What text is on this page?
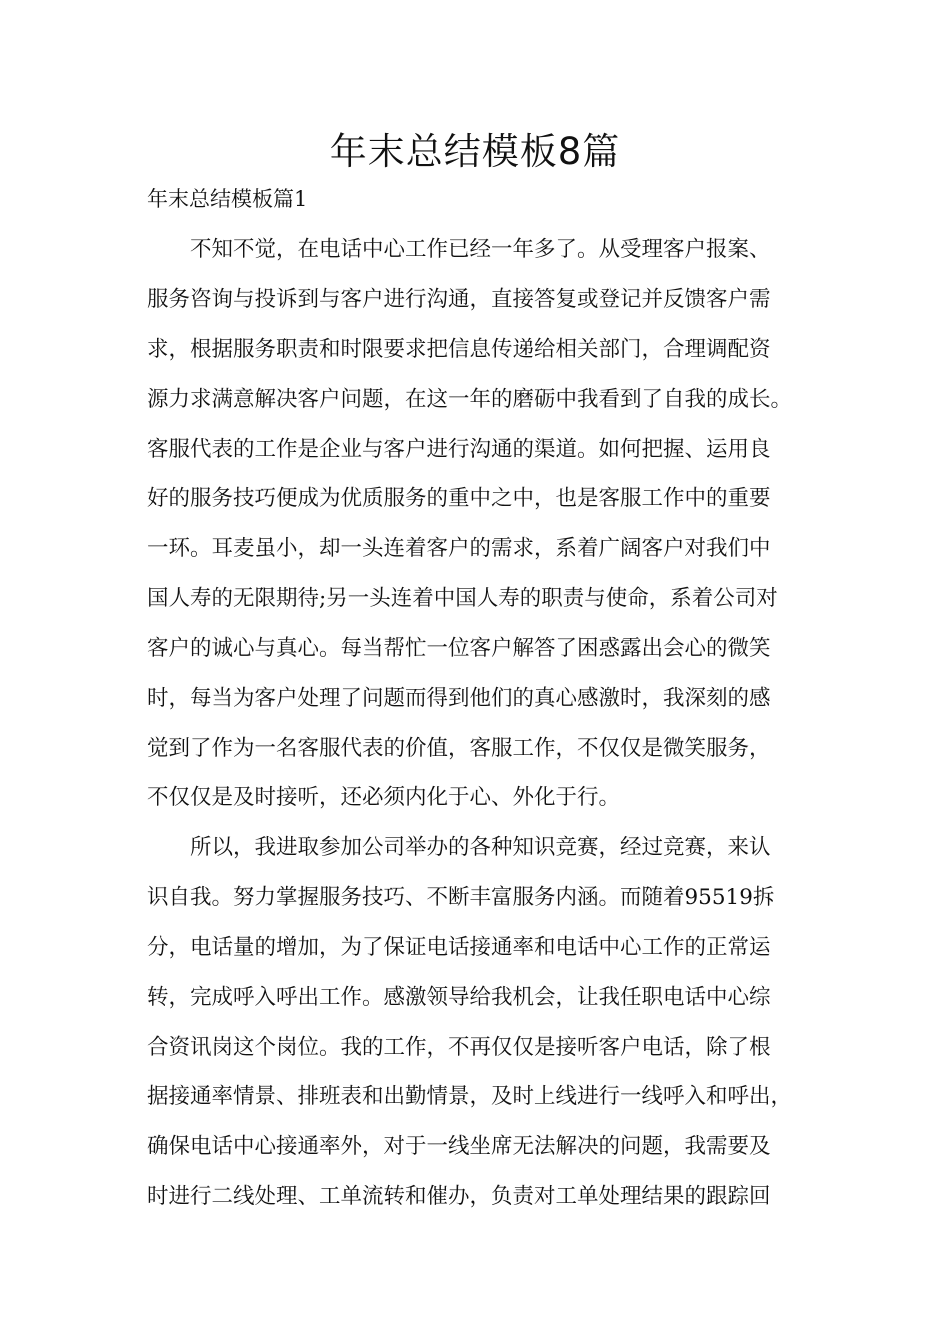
年末总结模板8篇
年末总结模板篇1

不知不觉，在电话中心工作已经一年多了。从受理客户报案、

服务咨询与投诉到与客户进行沟通，直接答复或登记并反馈客户需

求，根据服务职责和时限要求把信息传递给相关部门，合理调配资

源力求满意解决客户问题，在这一年的磨砺中我看到了自我的成长。

客服代表的工作是企业与客户进行沟通的渠道。如何把握、运用良

好的服务技巧便成为优质服务的重中之中，也是客服工作中的重要

一环。耳麦虽小，却一头连着客户的需求，系着广阔客户对我们中

国人寿的无限期待;另一头连着中国人寿的职责与使命，系着公司对

客户的诚心与真心。每当帮忙一位客户解答了困惑露出会心的微笑

时，每当为客户处理了问题而得到他们的真心感激时，我深刻的感

觉到了作为一名客服代表的价值，客服工作，不仅仅是微笑服务，

不仅仅是及时接听，还必须内化于心、外化于行。

所以，我进取参加公司举办的各种知识竞赛，经过竞赛，来认

识自我。努力掌握服务技巧、不断丰富服务内涵。而随着95519拆

分，电话量的增加，为了保证电话接通率和电话中心工作的正常运

转，完成呼入呼出工作。感激领导给我机会，让我任职电话中心综

合资讯岗这个岗位。我的工作，不再仅仅是接听客户电话，除了根

据接通率情景、排班表和出勤情景，及时上线进行一线呼入和呼出，

确保电话中心接通率外，对于一线坐席无法解决的问题，我需要及

时进行二线处理、工单流转和催办，负责对工单处理结果的跟踪回
